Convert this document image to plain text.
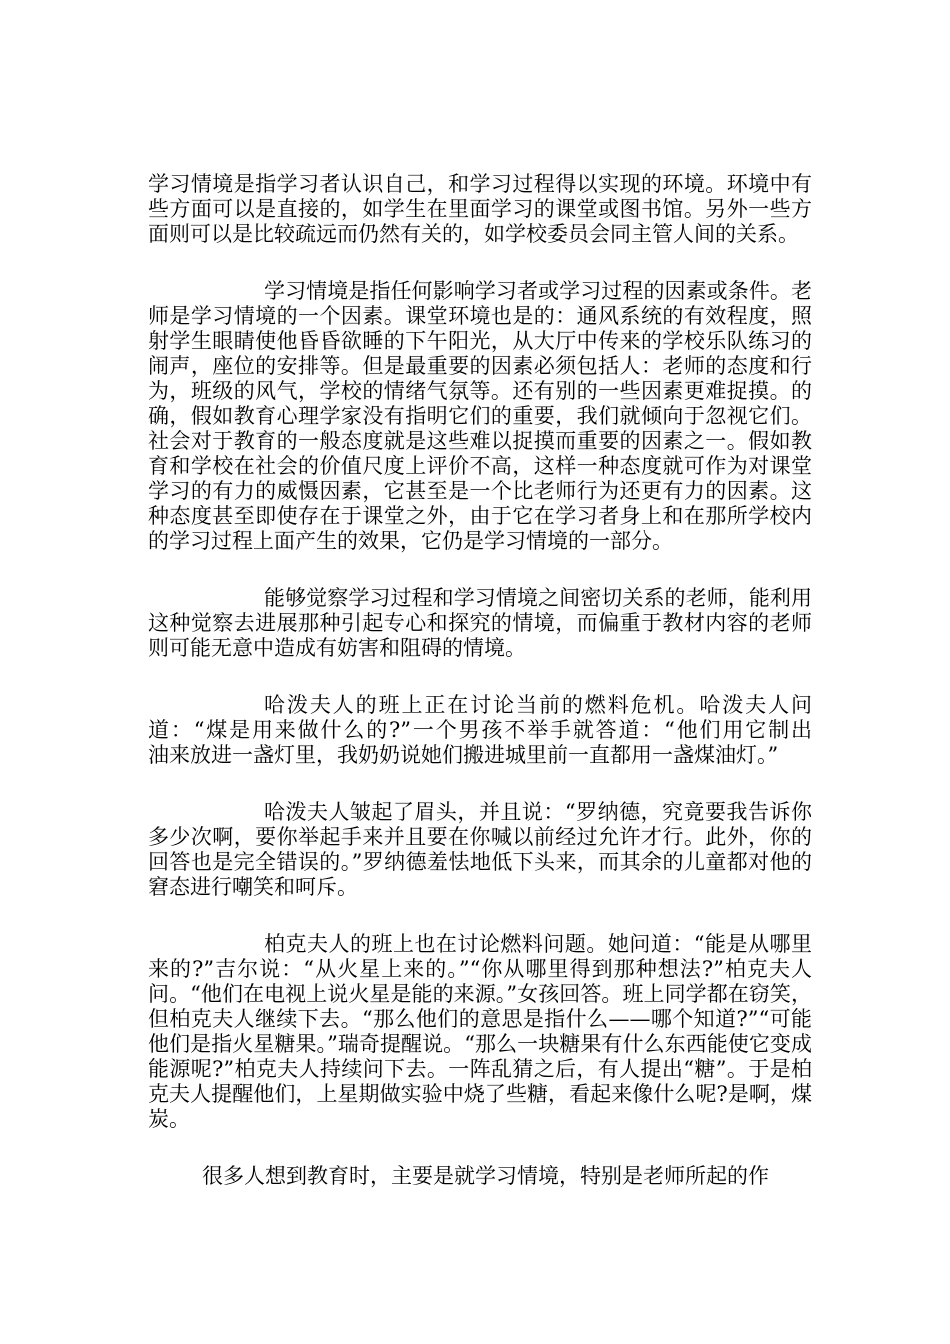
学习情境是指学习者认识自己，和学习过程得以实现的环境。环境中有些方面可以是直接的，如学生在里面学习的课堂或图书馆。另外一些方面则可以是比较疏远而仍然有关的，如学校委员会同主管人间的关系。

学习情境是指任何影响学习者或学习过程的因素或条件。老师是学习情境的一个因素。课堂环境也是的：通风系统的有效程度，照射学生眼睛使他昏昏欲睡的下午阳光，从大厅中传来的学校乐队练习的闹声，座位的安排等。但是最重要的因素必须包括人：老师的态度和行为，班级的风气，学校的情绪气氛等。还有别的一些因素更难捉摸。的确，假如教育心理学家没有指明它们的重要，我们就倾向于忽视它们。社会对于教育的一般态度就是这些难以捉摸而重要的因素之一。假如教育和学校在社会的价值尺度上评价不高，这样一种态度就可作为对课堂学习的有力的威慑因素，它甚至是一个比老师行为还更有力的因素。这种态度甚至即使存在于课堂之外，由于它在学习者身上和在那所学校内的学习过程上面产生的效果，它仍是学习情境的一部分。

能够觉察学习过程和学习情境之间密切关系的老师，能利用这种觉察去进展那种引起专心和探究的情境，而偏重于教材内容的老师则可能无意中造成有妨害和阻碍的情境。

哈泼夫人的班上正在讨论当前的燃料危机。哈泼夫人问道：“煤是用来做什么的?”一个男孩不举手就答道：“他们用它制出　　油来放进一盏灯里，我奶奶说她们搬进城里前一直都用一盏煤油灯。”

哈泼夫人皱起了眉头，并且说：“罗纳德，究竟要我告诉你多少次啊，要你举起手来并且要在你喊以前经过允许才行。此外，你的回答也是完全错误的。”罗纳德羞怯地低下头来，而其余的儿童都对他的窘态进行嘲笑和呵斥。

柏克夫人的班上也在讨论燃料问题。她问道：“能是从哪里来的?”吉尔说：“从火星上来的。”“你从哪里得到那种想法?”柏克夫人问。“他们在电视上说火星是能的来源。”女孩回答。班上同学都在窃笑，但柏克夫人继续下去。“那么他们的意思是指什么——哪个知道?”“可能他们是指火星糖果。”瑞奇提醒说。“那么一块糖果有什么东西能使它变成能源呢?”柏克夫人持续问下去。一阵乱猜之后，有人提出“糖”。于是柏克夫人提醒他们，上星期做实验中烧了些糖，看起来像什么呢?是啊，煤炭。

很多人想到教育时，主要是就学习情境，特别是老师所起的作
